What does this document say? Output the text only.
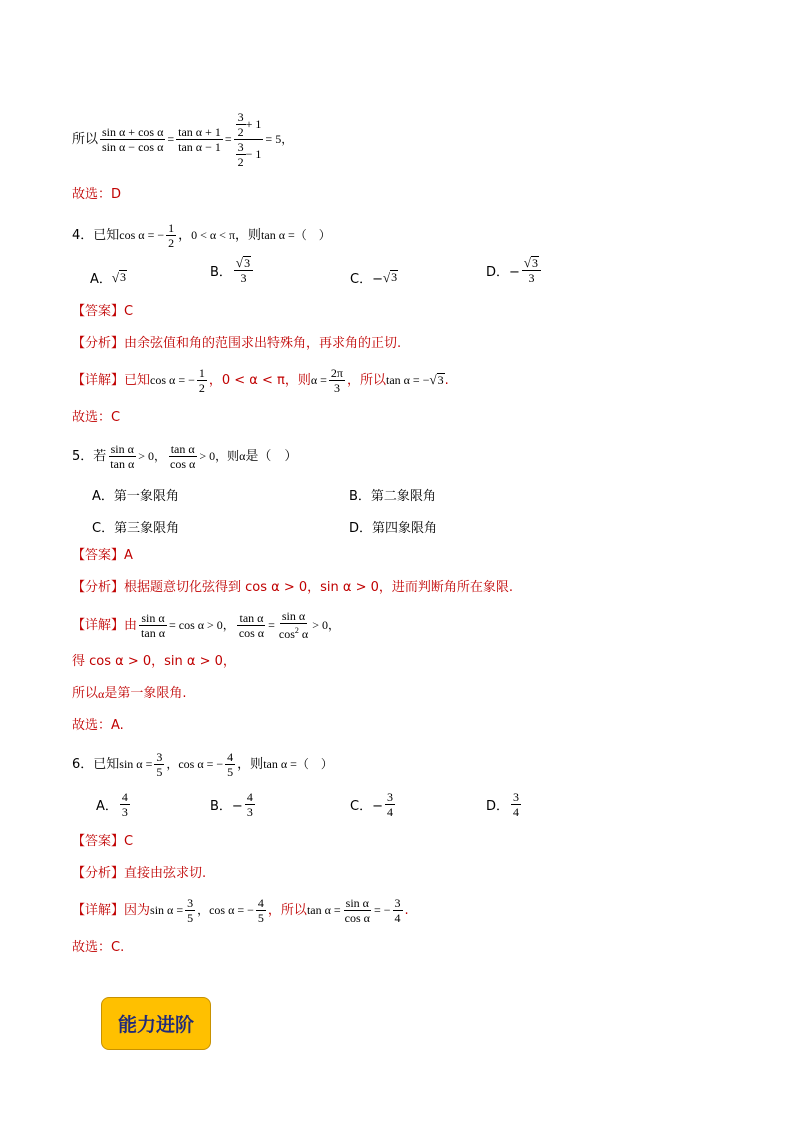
所以 $\frac{\text{sin α + cos α}}{\text{sin α − cos α}} = \frac{\text{tan α + 1}}{\text{tan α − 1}} = \frac{\frac{3}{2} + 1}{\frac{3}{2} - 1} = 5$，
故选：D
4．已知 cos α = − $\frac{1}{2}$ ， 0 < α < π ，则 tan α =（　）
A． √ 3	B． $\frac{√ 3}{3}$	C．− √ 3	D．− $\frac{√ 3}{3}$
【答案】 C
【分析】 由余弦值和角的范围求出特殊角，再求角的正切.
【详解】 已知 cos α = − $\frac{1}{2}$ ，0 < α < π，则 $\alpha = \frac{2\pi}{3}$ ，所以 tan α = − √ 3 .
故选：C
5．若 $\frac{\text{sin α}}{\text{tan α}} > 0$， $\frac{\text{tan α}}{\text{cos α}} > 0$，则 α 是（　）
A．第一象限角	B．第二象限角
C．第三象限角	D．第四象限角
【答案】 A
【分析】 根据题意切化弦得到 cos α > 0，sin α > 0，进而判断角所在象限.
【详解】 由 $\frac{\text{sin α}}{\text{tan α}} = \cos \alpha > 0$， $\frac{\text{tan α}}{\text{cos α}} = \frac{\text{sin α}}{\cos^2 \alpha} > 0$，
得 cos α > 0，sin α > 0，
所以 α 是第一象限角.
故选：A.
6．已知 $\sin \alpha = \frac{3}{5}$ ，cos α = − $\frac{4}{5}$ ，则 tan α =（　）
A． $\frac{4}{3}$	B．− $\frac{4}{3}$	C．− $\frac{3}{4}$	D． $\frac{3}{4}$
【答案】 C
【分析】 直接由弦求切.
【详解】 因为 $\sin \alpha = \frac{3}{5}$ ，cos α = − $\frac{4}{5}$ ，所以 $\tan \alpha = \frac{\text{sin α}}{\text{cos α}}$ = − $\frac{3}{4}$ .
故选：C.
能力进阶
